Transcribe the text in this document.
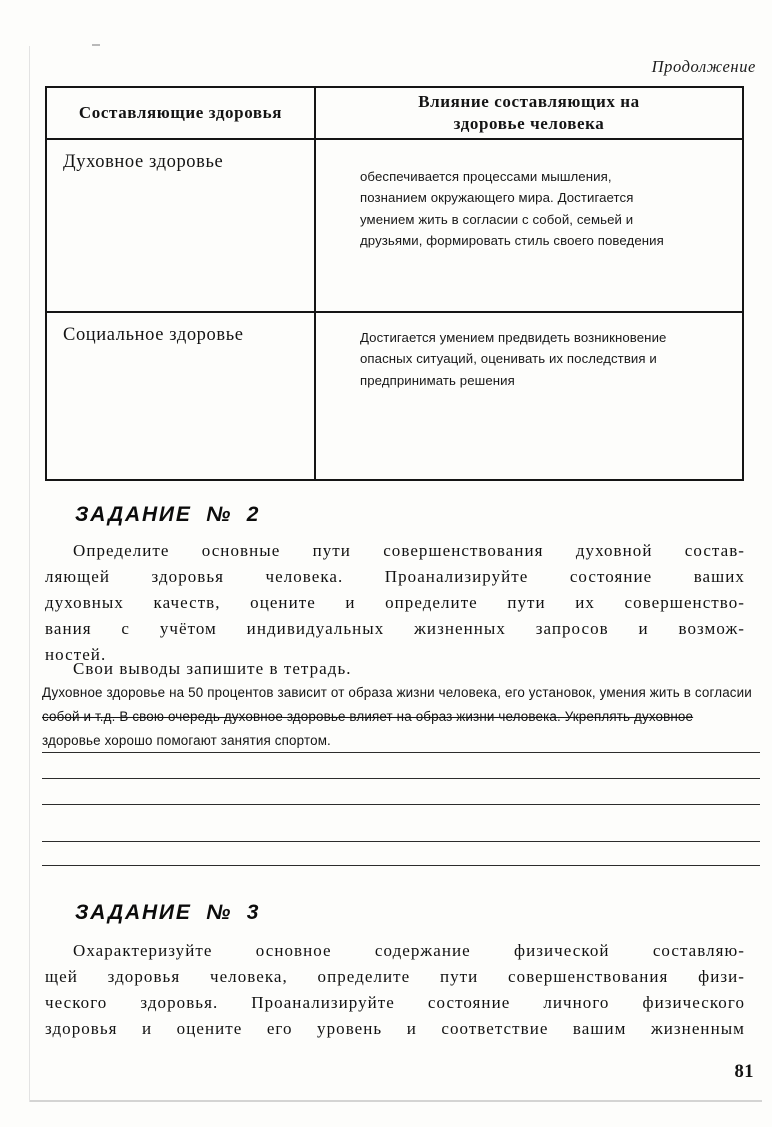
Продолжение
Составляющие здоровья
Влияние составляющих на здоровье человека
Духовное здоровье
обеспечивается процессами мышления, познанием окружающего мира. Достигается умением жить в согласии с собой, семьей и друзьями, формировать стиль своего поведения
Социальное здоровье	Достигается умением предвидеть возникновение опасных ситуаций, оценивать их последствия и предпринимать решения
ЗАДАНИЕ № 2
Определите основные пути совершенствования духовной состав-
ляющей здоровья человека. Проанализируйте состояние ваших
духовных качеств, оцените и определите пути их совершенство-
вания с учётом индивидуальных жизненных запросов и возмож-
ностей.
Свои выводы запишите в тетрадь.
Духовное здоровье на 50 процентов зависит от образа жизни человека, его установок, умения жить в согласии
собой и т.д. В свою очередь духовное здоровье влияет на образ жизни человека. Укреплять духовное
здоровье хорошо помогают занятия спортом.
ЗАДАНИЕ № 3
Охарактеризуйте основное содержание физической составляю-
щей здоровья человека, определите пути совершенствования физи-
ческого здоровья. Проанализируйте состояние личного физического
здоровья и оцените его уровень и соответствие вашим жизненным
81
